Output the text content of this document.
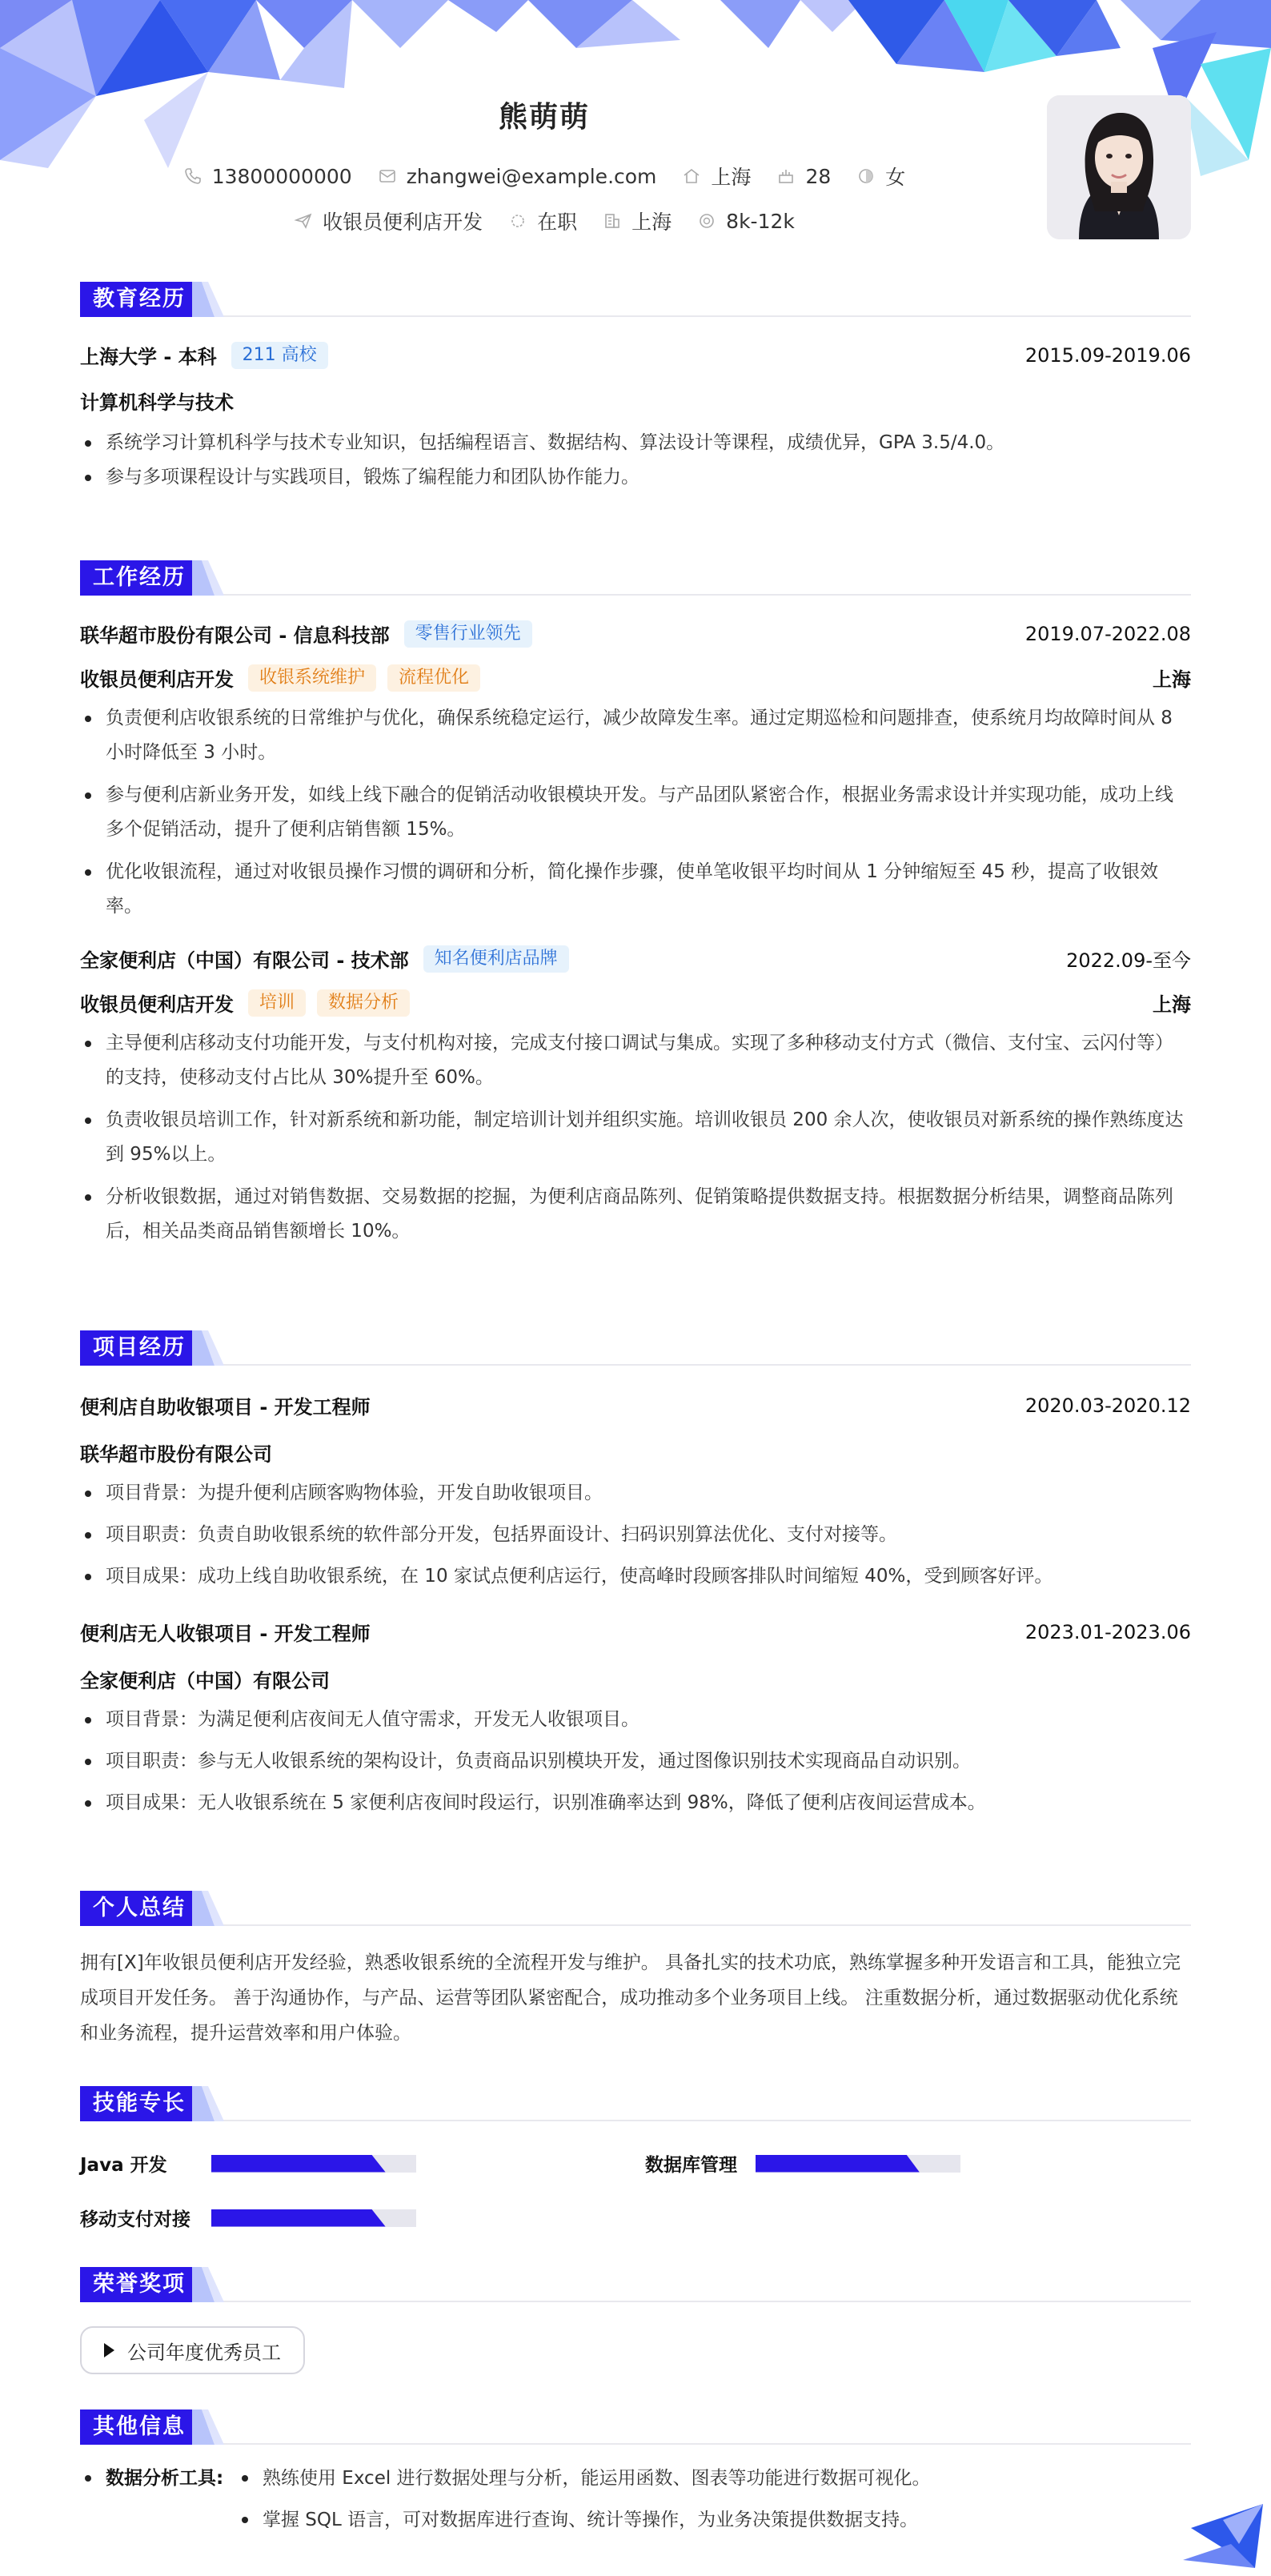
熊萌萌
13800000000	zhangwei@example.com	上海	28	女
收银员便利店开发	在职	上海	8k-12k
教育经历
上海大学 - 本科	211 高校	2015.09-2019.06
计算机科学与技术
系统学习计算机科学与技术专业知识，包括编程语言、数据结构、算法设计等课程，成绩优异，GPA 3.5/4.0。
参与多项课程设计与实践项目，锻炼了编程能力和团队协作能力。
工作经历
联华超市股份有限公司 - 信息科技部	零售行业领先	2019.07-2022.08
收银员便利店开发	收银系统维护	流程优化	上海
负责便利店收银系统的日常维护与优化，确保系统稳定运行，减少故障发生率。通过定期巡检和问题排查，使系统月均故障时间从 8 小时降低至 3 小时。
参与便利店新业务开发，如线上线下融合的促销活动收银模块开发。与产品团队紧密合作，根据业务需求设计并实现功能，成功上线多个促销活动，提升了便利店销售额 15%。
优化收银流程，通过对收银员操作习惯的调研和分析，简化操作步骤，使单笔收银平均时间从 1 分钟缩短至 45 秒，提高了收银效率。
全家便利店（中国）有限公司 - 技术部	知名便利店品牌	2022.09-至今
收银员便利店开发	培训	数据分析	上海
主导便利店移动支付功能开发，与支付机构对接，完成支付接口调试与集成。实现了多种移动支付方式（微信、支付宝、云闪付等）的支持，使移动支付占比从 30%提升至 60%。
负责收银员培训工作，针对新系统和新功能，制定培训计划并组织实施。培训收银员 200 余人次，使收银员对新系统的操作熟练度达到 95%以上。
分析收银数据，通过对销售数据、交易数据的挖掘，为便利店商品陈列、促销策略提供数据支持。根据数据分析结果，调整商品陈列后，相关品类商品销售额增长 10%。
项目经历
便利店自助收银项目 - 开发工程师	2020.03-2020.12
联华超市股份有限公司
项目背景：为提升便利店顾客购物体验，开发自助收银项目。
项目职责：负责自助收银系统的软件部分开发，包括界面设计、扫码识别算法优化、支付对接等。
项目成果：成功上线自助收银系统，在 10 家试点便利店运行，使高峰时段顾客排队时间缩短 40%，受到顾客好评。
便利店无人收银项目 - 开发工程师	2023.01-2023.06
全家便利店（中国）有限公司
项目背景：为满足便利店夜间无人值守需求，开发无人收银项目。
项目职责：参与无人收银系统的架构设计，负责商品识别模块开发，通过图像识别技术实现商品自动识别。
项目成果：无人收银系统在 5 家便利店夜间时段运行，识别准确率达到 98%，降低了便利店夜间运营成本。
个人总结
拥有[X]年收银员便利店开发经验，熟悉收银系统的全流程开发与维护。 具备扎实的技术功底，熟练掌握多种开发语言和工具，能独立完成项目开发任务。 善于沟通协作，与产品、运营等团队紧密配合，成功推动多个业务项目上线。 注重数据分析，通过数据驱动优化系统和业务流程，提升运营效率和用户体验。
技能专长
Java 开发	数据库管理
移动支付对接
荣誉奖项
公司年度优秀员工
其他信息
数据分析工具:	熟练使用 Excel 进行数据处理与分析，能运用函数、图表等功能进行数据可视化。
掌握 SQL 语言，可对数据库进行查询、统计等操作，为业务决策提供数据支持。
